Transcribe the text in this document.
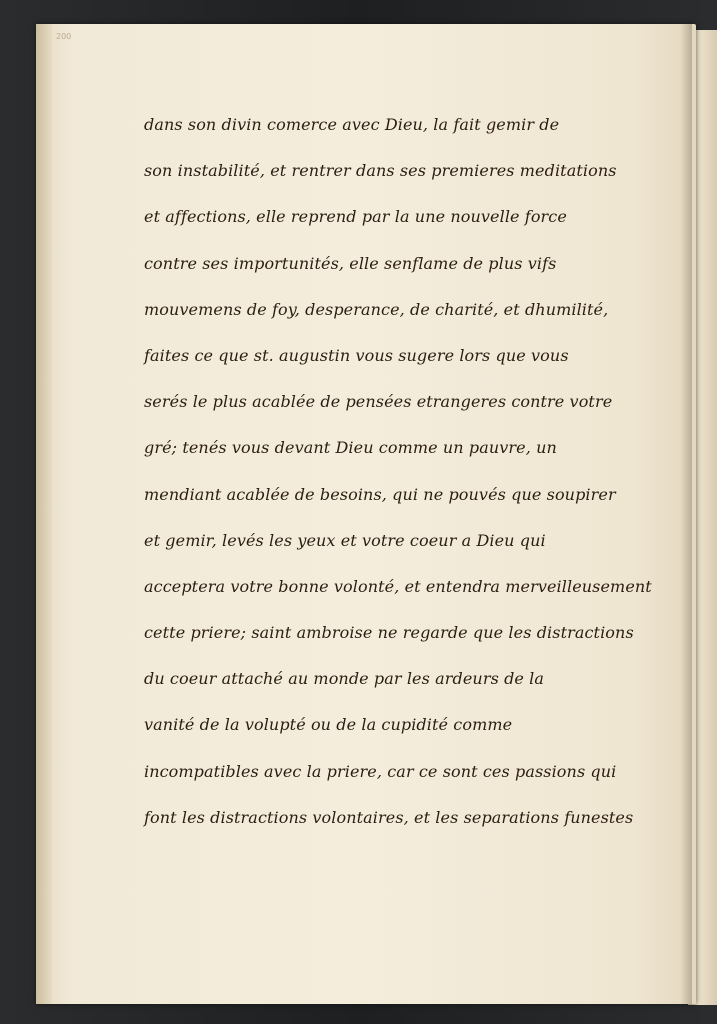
200
dans son divin comerce avec Dieu, la fait gemir de
son instabilité, et rentrer dans ses premieres meditations
et affections, elle reprend par la une nouvelle force
contre ses importunités, elle senflame de plus vifs
mouvemens de foy, desperance, de charité, et dhumilité,
faites ce que st. augustin vous sugere lors que vous
serés le plus acablée de pensées etrangeres contre votre
gré; tenés vous devant Dieu comme un pauvre, un
mendiant acablée de besoins, qui ne pouvés que soupirer
et gemir, levés les yeux et votre coeur a Dieu qui
acceptera votre bonne volonté, et entendra merveilleusement
cette priere; saint ambroise ne regarde que les distractions
du coeur attaché au monde par les ardeurs de la
vanité de la volupté ou de la cupidité comme
incompatibles avec la priere, car ce sont ces passions qui
font les distractions volontaires, et les separations funestes
